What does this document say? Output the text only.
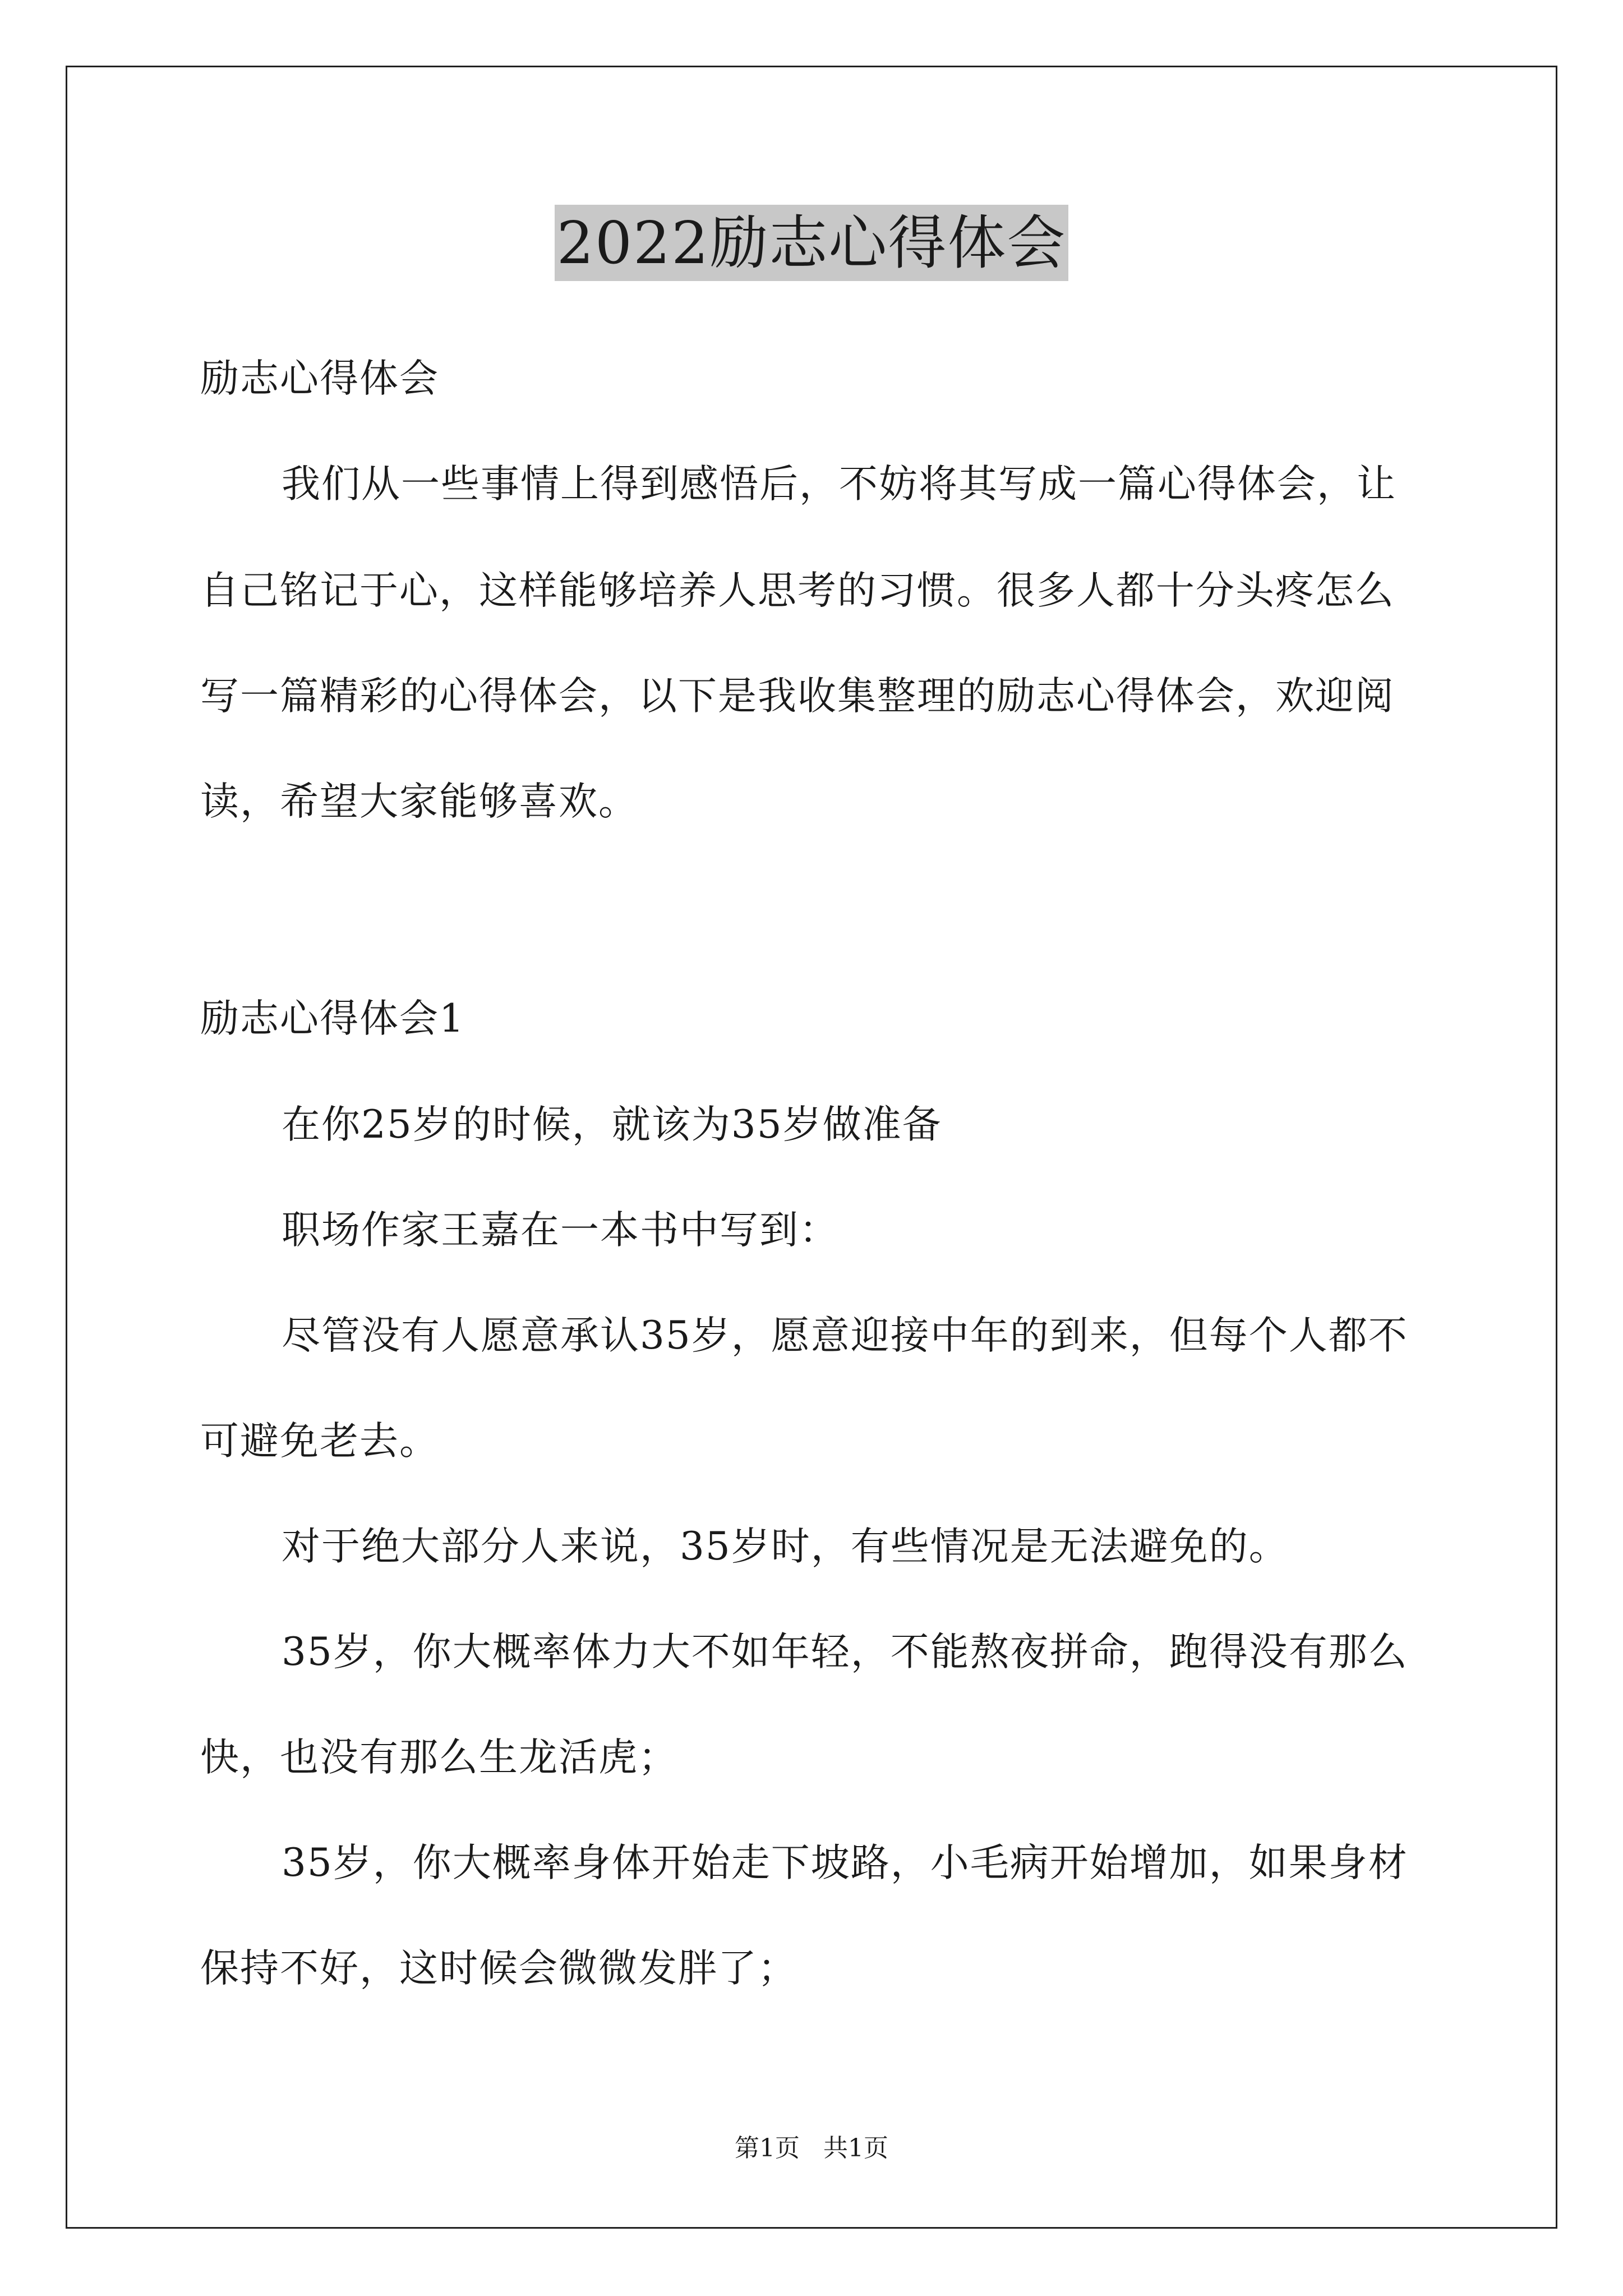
2022励志心得体会

励志心得体会

我们从一些事情上得到感悟后，不妨将其写成一篇心得体会，让

自己铭记于心，这样能够培养人思考的习惯。很多人都十分头疼怎么

写一篇精彩的心得体会，以下是我收集整理的励志心得体会，欢迎阅

读，希望大家能够喜欢。

励志心得体会1

在你25岁的时候，就该为35岁做准备

职场作家王嘉在一本书中写到：

尽管没有人愿意承认35岁，愿意迎接中年的到来，但每个人都不

可避免老去。

对于绝大部分人来说，35岁时，有些情况是无法避免的。

35岁，你大概率体力大不如年轻，不能熬夜拼命，跑得没有那么

快，也没有那么生龙活虎；

35岁，你大概率身体开始走下坡路，小毛病开始增加，如果身材

保持不好，这时候会微微发胖了；

第1页   共1页
